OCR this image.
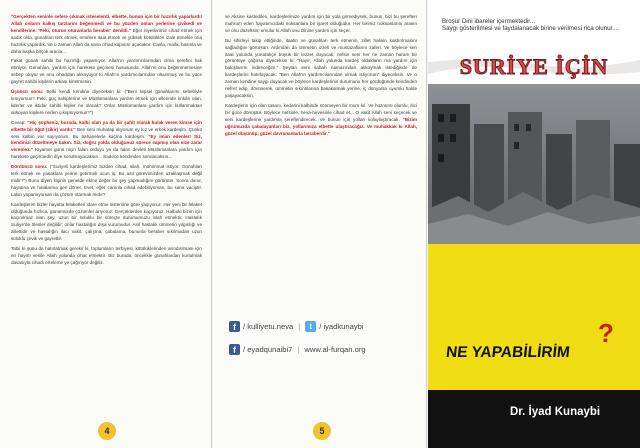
"Gerçekten seninle sefere çıkmak isteselerdi, elbette, bunun için bir hazırlık yaparlardı! Allah onların kalkış tarzlarını beğenmedi ve bu yüzden onları yerlerine çivikedi ve kendilerine: 'Peki, oturun oturanlarla beraber' denildi." Eğer niyetlerimiz cihad etmek için sadık olsa, günahları terk etmek, emirlere itaat etmek ve yüksek kötülükleri izale etmekle ona hazırlık yapardık. Ve o zaman Allah da sana cihad kapısını açacaktır. Canla, malla, basınla ve daha başka birçok aracla...

Fakat günah sahibi bu hazırlığı yapamıyor. Allah'ın yardımcılarından olma şerefini hak etmiyor. Günahları, yardım için harekete geçmesi hususunda, Allah'ın onu beğenmemesine sebep oluyor ve onu cihaddan alıkoyuyor ki Allah'ın yardımcılarından olsunmuş ve bu yüce gayret sahibi kişilerin arkası kirletmesin.

Üçüncü sonu: Belki kendi kendine diyeceksin ki: ("Beni kişisel günahlarımı sebebiyle kınıyorsun? Peki, güç sahiplerine ve Müslümanlara yardım etmek için ellerinde imkân olan, liderler ve iktidar sahibi kişiler ne olacak? Onlar Müslümanlara yardım için kullanmaktan alıkoyan kişilere neden çıkışmıyorsun?")

Cevap: "Hiç şüphesiz, burada, kalbi olan ya da bir şahit olarak kulak veren kimse için elbette bir öğüt (zikir) vardır." Ben seni muhatap alıyorum ey kız ve erkek kardeşim. Çünkü seni kalbin var sayıyorum. Bu bahanelerle kaçma kardeşim. "Ey iman edenler! Siz, kendinizi düzeltmeye bakın. Siz, doğru yolda olduğunuz sürece sapmış olan size zarar veremez." Kıyamet günü niçin falan orduyu ya da falan devleti Müslümanlara yardım için harekete geçirmedin diye sorulmayacaksın... Sadece kendinden sorulacaksın...

Dördüncü sonu: ("Suriyeli kardeşlerimiz bizden cihad, silah, mühimmat istiyor. Günahları terk etmek ve yasaklara yerine getirmek ucun iş. Bu asıl görevimizden uzaklaşmak değil midir?") Bunu diyen kişinin genelde ekine değer bir şey yapmadığını görürsün. Sonra durur, hayatına ve hatalarına geri döner. Evet, eğer canınla cihad edebiliyorsan, bu sana vaciptir. Lakin yapamıyorsan da çözüm otarmak mıdır?

Kardeşlerim bizler hayatta felaketleri idare etme sistemine göre yaşıyoruz. Her yeni bir felaket olduğunda hızlıca, günümüzde çözümler arıyoruz. Gerçeklerden kaçıyoruz. Halbuki bizim için kaçınılmaz olan şey, uzun bir soluklu bir süreçte durumumuzu islah etmektir. Hastalık Suriye'de ölenler değildir, onlar hastalığın dışa vurumudur. Asıl hastalık ümmetin yılgınlığı ve zillettidir ve hastalığın ilacı vakit, çalışma, çabalama, bununla beraber sıkılmadan uzun soluklu çevik ve gayrettir.

Tabii ki şunu da hatırlatmak gerekir ki, toplumların terbiyesi, kötülüklerinden arındırılması için en hayırlı vesile Allah yolunda cihat etmektir. Biz burada, öncelikle günahlardan kurtulmak davasıyla cihadı erteleme ye çağırıyor değiliz.

4

ve Aksine kastedilen, kardeşlerimize yardım için bir yola girmediysek, bunun, bizi bu şereften mahrum eden hayatımızdaki noksanlara bir işaret olduğudur. Her birimiz noksanlarını arasın ve onu düzeltsin; umulur ki Allah onu Dinine yardım için seçer.

Bu sihirleyi takip ettiğinde, itaatin ve günahları terk etmenin, zillet halinin kaldırılmasını sağladığını görürsün. Ardından da ümmetin izzeti ve mustazaflarını zaferi. Ve böylece sen itaat yolunda yürüdükçe büyük bir lezzet duyacak, nefsin seni her ne zaman haram bir görüntüye çağırsa diyeceksin ki: "Hayır, Allah yolunda kardeş oldukların ma yardım için bakışlarımı indireceğim." Şeytan seni sabah namazından alıkoymak istediğinde de kardeşlerini hatırlayacak: "Ben Allah'ın yardımcılarından olmak istiyorum" diyeceksin. Ve o zaman kendine saygı duyacak ve böylece kardeşlerinin durumunu her gördüğünde kendinden nefret edip, dövünerek, ümmetin sıkıntılarına bakakalmak yerine, iç dünyanla uyumlu halde yaşayacaksın.

Kardeşlerin için olan tasanı, kederini kalbinde sönmeyen bir mum kıl. Ve hüznünü olumlu, itici bir güce dönüştür. Böylece nefsinle, heva-hevesinle cihad et... O vakit Allah seni seçecek ve seni kardeşlerine yardımla şereflendirecek. Ve bunun için yolları kolaylaştıracak. "Bizim uğrumuzda çabalayanları biz, yollarımıza elbette ulaştıracağız. Ve muhakkak ki Allah, güzel düşünüp, güzel davrananlarla beraberdir."

f / kulliyetu.neva |	t / iyadkunaybi
f / eyadqunaibi7 | www.al-furqan.org
5
Broşür Dini ibareler içermektedir...
Saygı gösterilmesi ve faydalanacak birine verilmesi rica olunur....
SURİYE İÇİN
?
NE YAPABİLİRİM
Dr. İyad Kunaybi
